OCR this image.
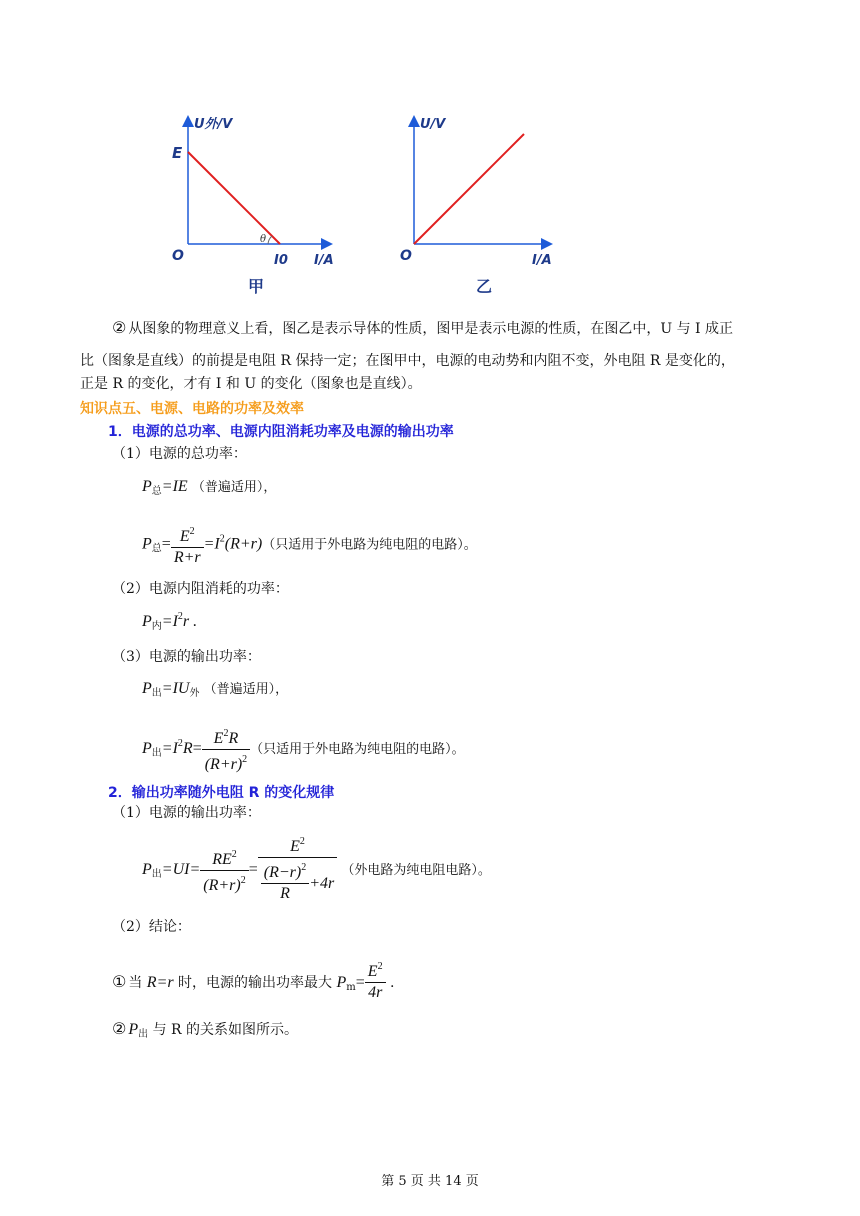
U外/V
E
O
θ
I0 I/A
甲
U/V
O	I/A
乙
② 从图象的物理意义上看，图乙是表示导体的性质，图甲是表示电源的性质，在图乙中，U 与 I 成正
比（图象是直线）的前提是电阻 R 保持一定；在图甲中，电源的电动势和内阻不变，外电阻 R 是变化的，
正是 R 的变化，才有 I 和 U 的变化（图象也是直线）。
知识点五、电源、电路的功率及效率
1．电源的总功率、电源内阻消耗功率及电源的输出功率
（1）电源的总功率：
$P_总=IE$ （普遍适用），
$P_总= \frac{E^2}{R+r} =I^2(R+r)$（只适用于外电路为纯电阻的电路）。
（2）电源内阻消耗的功率：
$P_内=I^2r$ .
（3）电源的输出功率：
$P_出=IU_外$ （普遍适用），
$P_出=I^2R= \frac{E^2R}{(R+r)^2}$ （只适用于外电路为纯电阻的电路）。
2．输出功率随外电阻 R 的变化规律
（1）电源的输出功率：
$P_出=UI= \frac{RE^2}{(R+r)^2} = \frac{E^2}{\frac{(R-r)^2}{R} +4r}$ （外电路为纯电阻电路）。
（2）结论：
① 当 R=r 时，电源的输出功率最大 $P_m= \frac{E^2}{4r}$ .
② $P_出$ 与 R 的关系如图所示。
第 5 页 共 14 页
